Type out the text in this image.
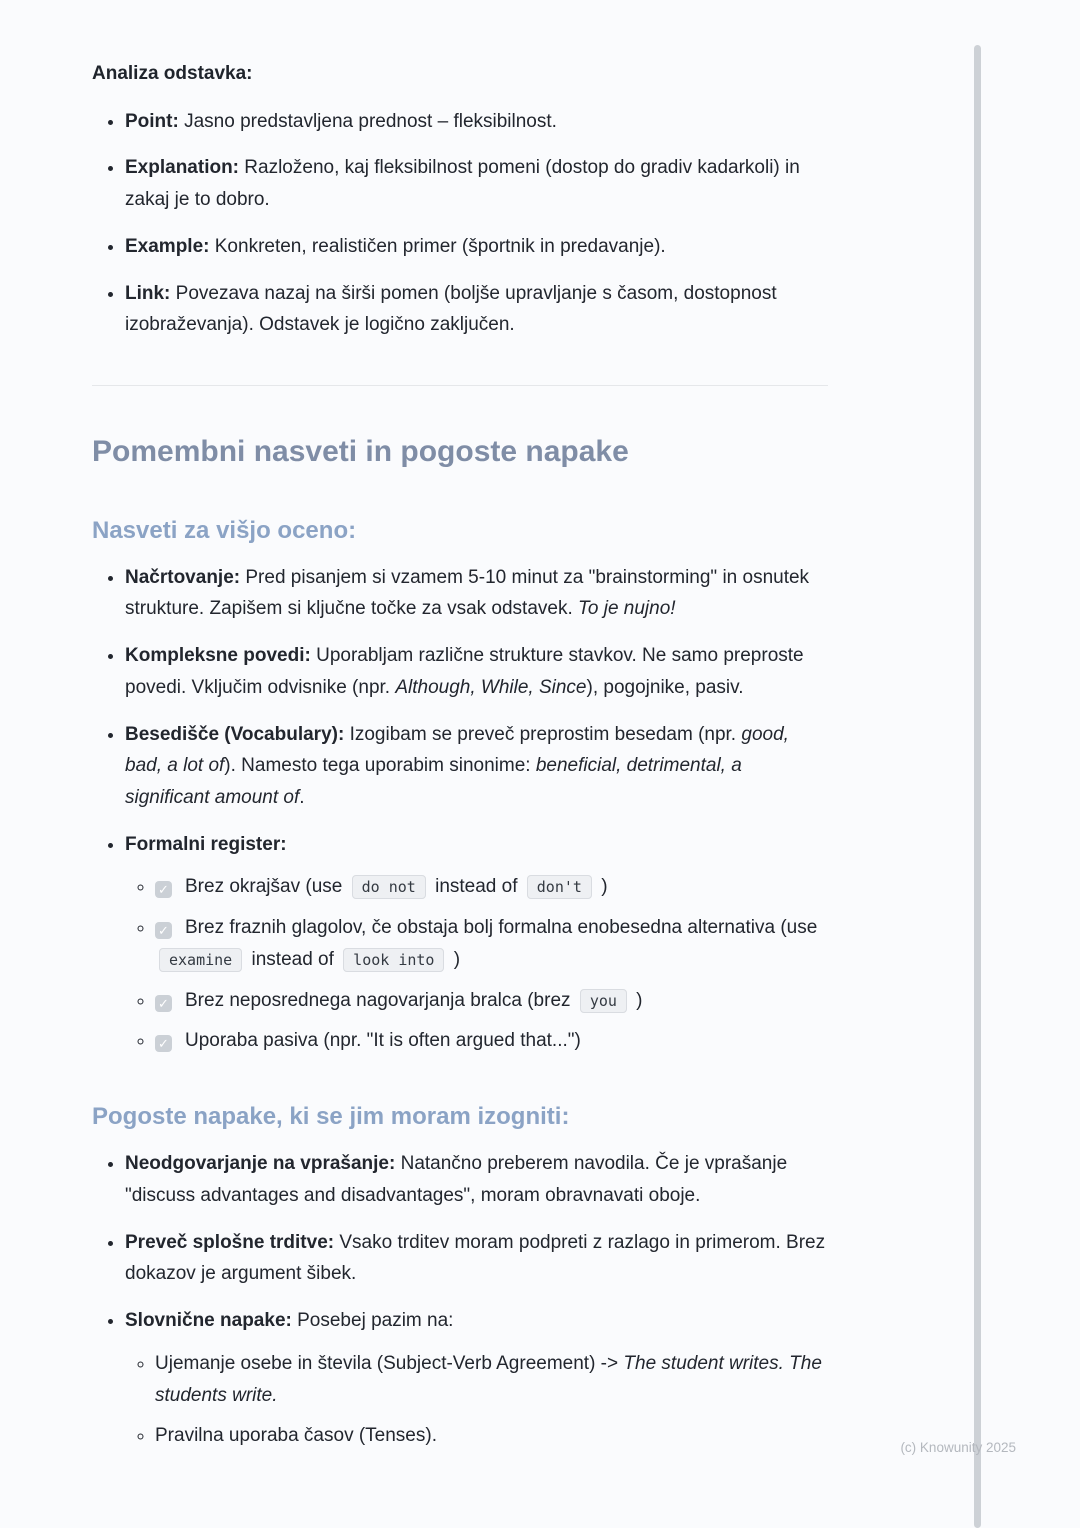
Analiza odstavka:
• Point: Jasno predstavljena prednost – fleksibilnost.
• Explanation: Razloženo, kaj fleksibilnost pomeni (dostop do gradiv kadarkoli) in zakaj je to dobro.
• Example: Konkreten, realističen primer (športnik in predavanje).
• Link: Povezava nazaj na širši pomen (boljše upravljanje s časom, dostopnost izobraževanja). Odstavek je logično zaključen.
Pomembni nasveti in pogoste napake
Nasveti za višjo oceno:
• Načrtovanje: Pred pisanjem si vzamem 5-10 minut za "brainstorming" in osnutek strukture. Zapišem si ključne točke za vsak odstavek. To je nujno!
• Kompleksne povedi: Uporabljam različne strukture stavkov. Ne samo preproste povedi. Vključim odvisnike (npr. Although, While, Since), pogojnike, pasiv.
• Besedišče (Vocabulary): Izogibam se preveč preprostim besedam (npr. good, bad, a lot of). Namesto tega uporabim sinonime: beneficial, detrimental, a significant amount of.
• Formalni register:
◦ ✓ Brez okrajšav (use do not instead of don't )
◦ ✓ Brez fraznih glagolov, če obstaja bolj formalna enobesedna alternativa (use examine instead of look into )
◦ ✓ Brez neposrednega nagovarjanja bralca (brez you )
◦ ✓ Uporaba pasiva (npr. "It is often argued that...")
Pogoste napake, ki se jim moram izogniti:
• Neodgovarjanje na vprašanje: Natančno preberem navodila. Če je vprašanje "discuss advantages and disadvantages", moram obravnavati oboje.
• Preveč splošne trditve: Vsako trditev moram podpreti z razlago in primerom. Brez dokazov je argument šibek.
• Slovnične napake: Posebej pazim na:
◦ Ujemanje osebe in števila (Subject-Verb Agreement) -> The student writes. The students write.
◦ Pravilna uporaba časov (Tenses).
(c) Knowunity 2025
